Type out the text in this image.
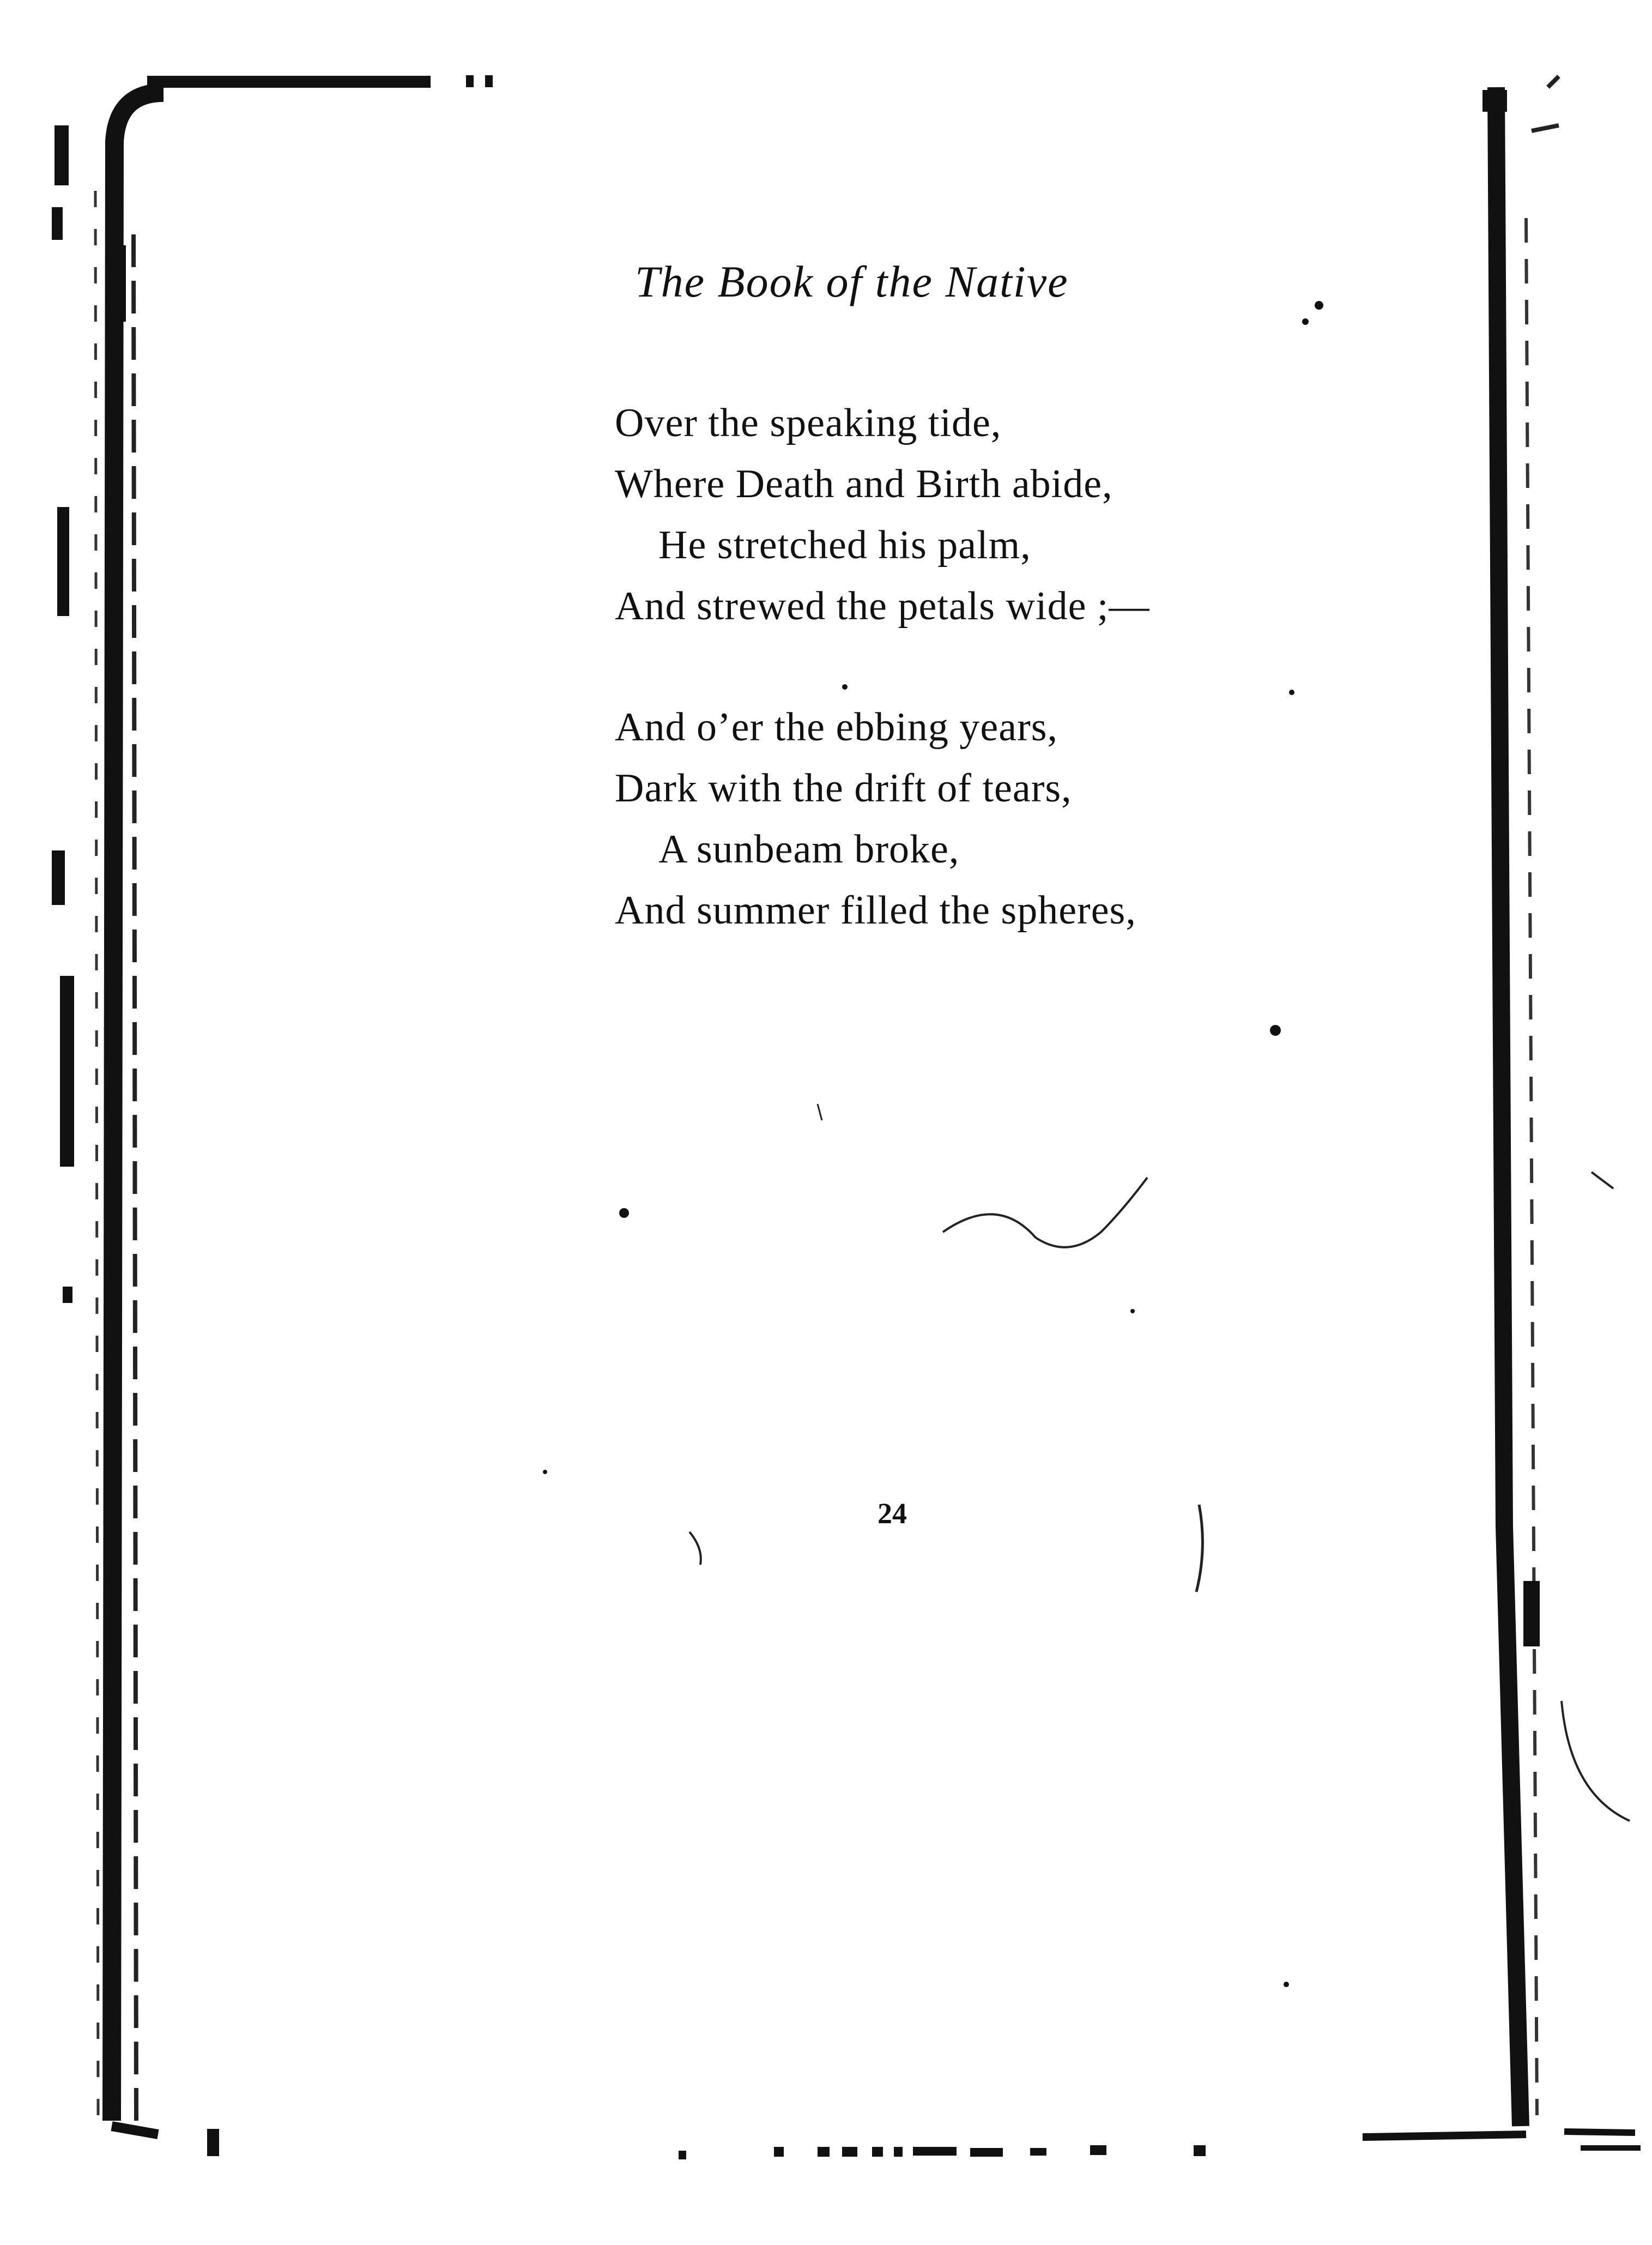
The Book of the Native
Over the speaking tide,
Where Death and Birth abide,
He stretched his palm,
And strewed the petals wide ;—
And o’er the ebbing years,
Dark with the drift of tears,
A sunbeam broke,
And summer filled the spheres,
24
